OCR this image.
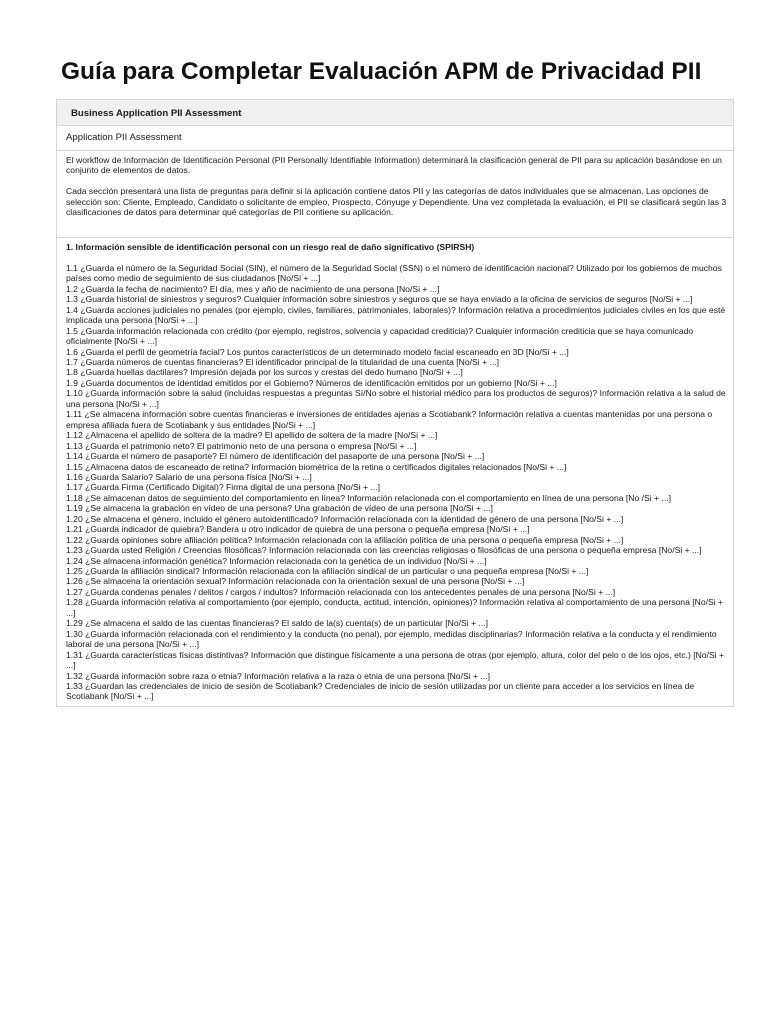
Guía para Completar Evaluación APM de Privacidad PII
Business Application PII Assessment
Application PII Assessment

El workflow de Información de Identificación Personal (PII Personally Identifiable Information) determinará la clasificación general de PII para su aplicación basándose en un conjunto de elementos de datos.

Cada sección presentará una lista de preguntas para definir si la aplicación contiene datos PII y las categorías de datos individuales que se almacenan. Las opciones de selección son: Cliente, Empleado, Candidato o solicitante de empleo, Prospecto, Cónyuge y Dependiente. Una vez completada la evaluación, el PII se clasificará según las 3 clasificaciones de datos para determinar qué categorías de PII contiene su aplicación.

1. Información sensible de identificación personal con un riesgo real de daño significativo (SPIRSH)

1.1 ¿Guarda el número de la Seguridad Social (SIN), el número de la Seguridad Social (SSN) o el número de identificación nacional? Utilizado por los gobiernos de muchos países como medio de seguimiento de sus ciudadanos [No/Si + ...]

1.2 ¿Guarda la fecha de nacimiento? El día, mes y año de nacimiento de una persona [No/Si + ...]

1.3 ¿Guarda historial de siniestros y seguros? Cualquier información sobre siniestros y seguros que se haya enviado a la oficina de servicios de seguros [No/Si + ...]

1.4 ¿Guarda acciones judiciales no penales (por ejemplo, civiles, familiares, patrimoniales, laborales)? Información relativa a procedimientos judiciales civiles en los que esté implicada una persona [No/Si + ...]

1.5 ¿Guarda información relacionada con crédito (por ejemplo, registros, solvencia y capacidad crediticia)? Cualquier información crediticia que se haya comunicado oficialmente [No/Si + ...]

1.6 ¿Guarda el perfil de geometría facial? Los puntos característicos de un determinado modelo facial escaneado en 3D [No/Si + ...]

1.7 ¿Guarda números de cuentas financieras? El identificador principal de la titularidad de una cuenta [No/Si + ...]

1.8 ¿Guarda huellas dactilares? Impresión dejada por los surcos y crestas del dedo humano [No/Si + ...]

1.9 ¿Guarda documentos de identidad emitidos por el Gobierno? Números de identificación emitidos por un gobierno [No/Si + ...]

1.10 ¿Guarda información sobre la salud (incluidas respuestas a preguntas Sí/No sobre el historial médico para los productos de seguros)? Información relativa a la salud de una persona [No/Si + ...]

1.11 ¿Se almacena información sobre cuentas financieras e inversiones de entidades ajenas a Scotiabank? Información relativa a cuentas mantenidas por una persona o empresa afiliada fuera de Scotiabank y sus entidades [No/Si + ...]

1.12 ¿Almacena el apellido de soltera de la madre? El apellido de soltera de la madre [No/Si + ...]

1.13 ¿Guarda el patrimonio neto? El patrimonio neto de una persona o empresa [No/Si + ...]

1.14 ¿Guarda el número de pasaporte? El número de identificación del pasaporte de una persona [No/Si + ...]

1.15 ¿Almacena datos de escaneado de retina? Información biométrica de la retina o certificados digitales relacionados [No/Si + ...]

1.16 ¿Guarda Salario? Salario de una persona física [No/Si + ...]

1.17 ¿Guarda Firma (Certificado Digital)? Firma digital de una persona [No/Si + ...]

1.18 ¿Se almacenan datos de seguimiento del comportamiento en línea? Información relacionada con el comportamiento en línea de una persona [No /Si + ...]

1.19 ¿Se almacena la grabación en vídeo de una persona? Una grabación de vídeo de una persona [No/Si + ...]

1.20 ¿Se almacena el género, incluido el género autoidentificado? Información relacionada con la identidad de género de una persona [No/Si + ...]

1.21 ¿Guarda indicador de quiebra? Bandera u otro indicador de quiebra de una persona o pequeña empresa [No/Si + ...]

1.22 ¿Guarda opiniones sobre afiliación política? Información relacionada con la afiliación política de una persona o pequeña empresa [No/Si + ...]

1.23 ¿Guarda usted Religión / Creencias filosóficas? Información relacionada con las creencias religiosas o filosóficas de una persona o pequeña empresa [No/Si + ...]

1.24 ¿Se almacena información genética? Información relacionada con la genética de un individuo [No/Si + ...]

1.25 ¿Guarda la afiliación sindical? Información relacionada con la afiliación sindical de un particular o una pequeña empresa [No/Si + ...]

1.26 ¿Se almacena la orientación sexual? Información relacionada con la orientación sexual de una persona [No/Si + ...]

1.27 ¿Guarda condenas penales / delitos / cargos / indultos? Información relacionada con los antecedentes penales de una persona [No/Si + ...]

1.28 ¿Guarda información relativa al comportamiento (por ejemplo, conducta, actitud, intención, opiniones)? Información relativa al comportamiento de una persona [No/Si + ...]

1.29 ¿Se almacena el saldo de las cuentas financieras? El saldo de la(s) cuenta(s) de un particular [No/Si + ...]

1.30 ¿Guarda información relacionada con el rendimiento y la conducta (no penal), por ejemplo, medidas disciplinarias? Información relativa a la conducta y el rendimiento laboral de una persona [No/Si + ...]

1.31 ¿Guarda características físicas distintivas? Información que distingue físicamente a una persona de otras (por ejemplo, altura, color del pelo o de los ojos, etc.) [No/Si + ...]

1.32 ¿Guarda información sobre raza o etnia? Información relativa a la raza o etnia de una persona [No/Si + ...]

1.33 ¿Guardan las credenciales de inicio de sesión de Scotiabank? Credenciales de inicio de sesión utilizadas por un cliente para acceder a los servicios en línea de Scotiabank [No/Si + ...]
